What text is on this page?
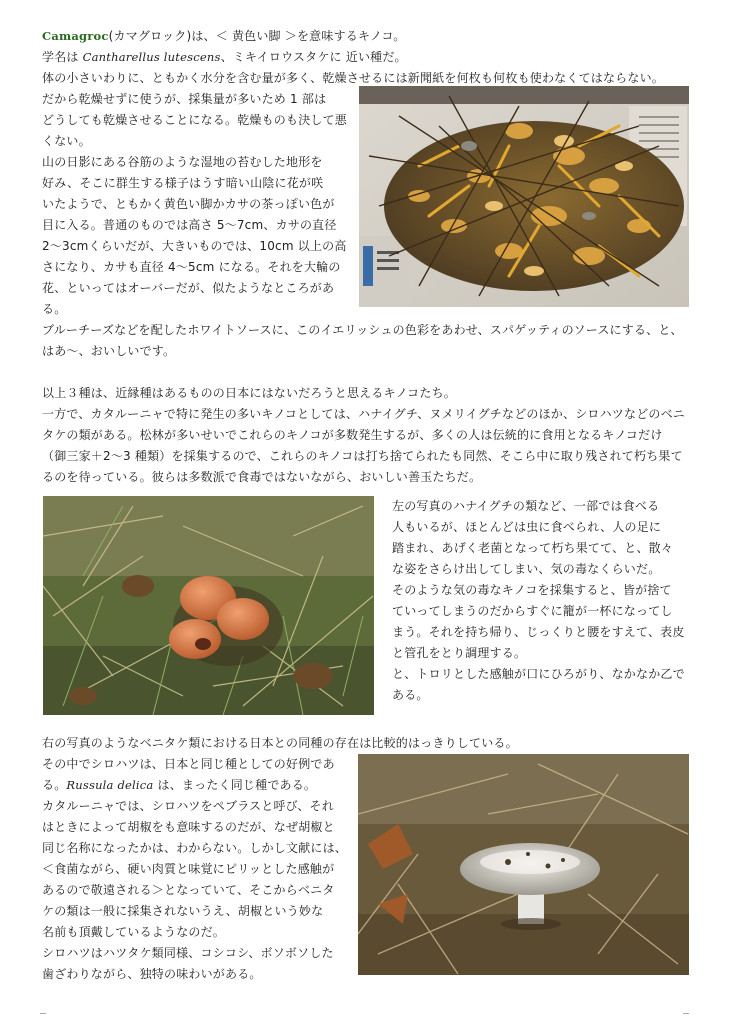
Camagroc(カマグロック)は、＜ 黄色い脚 ＞を意味するキノコ。

学名は Cantharellus lutescens、ミキイロウスタケに 近い種だ。

体の小さいわりに、ともかく水分を含む量が多く、乾燥させるには新聞紙を何枚も何枚も使わなくてはならない。

だから乾燥せずに使うが、採集量が多いため 1 部は

どうしても乾燥させることになる。乾燥ものも決して悪

くない。

山の日影にある谷筋のような湿地の苔むした地形を

好み、そこに群生する様子はうす暗い山陰に花が咲

いたようで、ともかく黄色い脚かカサの茶っぽい色が

目に入る。普通のものでは高さ 5～7cm、カサの直径

2～3cmくらいだが、大きいものでは、10cm 以上の高

さになり、カサも直径 4～5cm になる。それを大輪の

花、といってはオーバーだが、似たようなところがあ

る。

ブルーチーズなどを配したホワイトソースに、このイエリッシュの色彩をあわせ、スパゲッティのソースにする、と、

はあ～、おいしいです。

以上３種は、近縁種はあるものの日本にはないだろうと思えるキノコたち。

一方で、カタルーニャで特に発生の多いキノコとしては、ハナイグチ、ヌメリイグチなどのほか、シロハツなどのベニ

タケの類がある。松林が多いせいでこれらのキノコが多数発生するが、多くの人は伝統的に食用となるキノコだけ

（御三家＋2～3 種類）を採集するので、これらのキノコは打ち捨てられたも同然、そこら中に取り残されて朽ち果て

るのを待っている。彼らは多数派で食毒ではないながら、おいしい善玉たちだ。

左の写真のハナイグチの類など、一部では食べる

人もいるが、ほとんどは虫に食べられ、人の足に

踏まれ、あげく老菌となって朽ち果てて、と、散々

な姿をさらけ出してしまい、気の毒なくらいだ。

そのような気の毒なキノコを採集すると、皆が捨て

ていってしまうのだからすぐに籠が一杯になってし

まう。それを持ち帰り、じっくりと腰をすえて、表皮

と管孔をとり調理する。

と、トロリとした感触が口にひろがり、なかなか乙で

ある。

右の写真のようなベニタケ類における日本との同種の存在は比較的はっきりしている。

その中でシロハツは、日本と同じ種としての好例であ

る。Russula delica は、まったく同じ種である。

カタルーニャでは、シロハツをペブラスと呼び、それ

はときによって胡椒をも意味するのだが、なぜ胡椒と

同じ名称になったかは、わからない。しかし文献には、

＜食菌ながら、硬い肉質と味覚にピリッとした感触が

あるので敬遠される＞となっていて、そこからベニタ

ケの類は一般に採集されないうえ、胡椒という妙な

名前も頂戴しているようなのだ。

シロハツはハツタケ類同様、コシコシ、ボソボソした

歯ざわりながら、独特の味わいがある。
